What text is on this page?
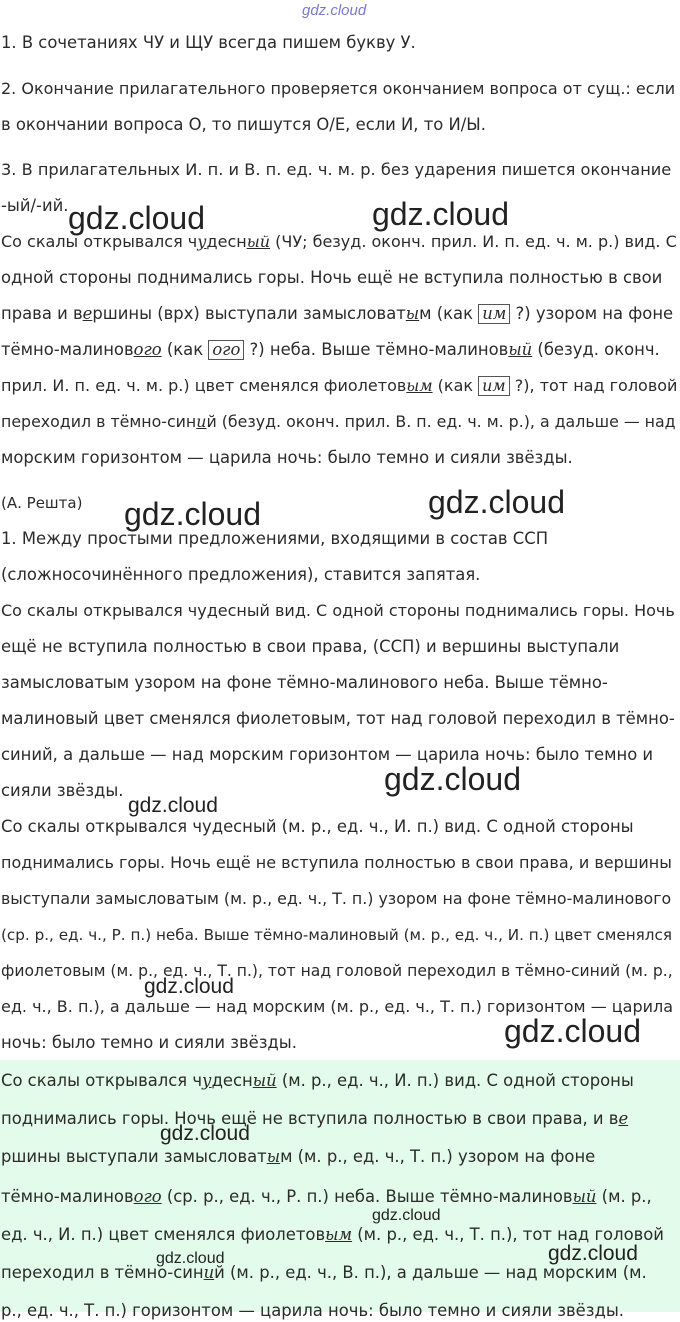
gdz.cloud
1. В сочетаниях ЧУ и ЩУ всегда пишем букву У.
2. Окончание прилагательного проверяется окончанием вопроса от сущ.: если
в окончании вопроса О, то пишутся О/Е, если И, то И/Ы.
3. В прилагательных И. п. и В. п. ед. ч. м. р. без ударения пишется окончание
-ый/-ий.
Со скалы открывался чудесный (ЧУ; безуд. оконч. прил. И. п. ед. ч. м. р.) вид. С
одной стороны поднимались горы. Ночь ещё не вступила полностью в свои
права и вершины (врх) выступали замысловатым (как им ?) узором на фоне
тёмно-малинового (как ого ?) неба. Выше тёмно-малиновый (безуд. оконч.
прил. И. п. ед. ч. м. р.) цвет сменялся фиолетовым (как им ?), тот над головой
переходил в тёмно-синий (безуд. оконч. прил. В. п. ед. ч. м. р.), а дальше — над
морским горизонтом — царила ночь: было темно и сияли звёзды.
(А. Решта)
1. Между простыми предложениями, входящими в состав ССП
(сложносочинённого предложения), ставится запятая.
Со скалы открывался чудесный вид. С одной стороны поднимались горы. Ночь
ещё не вступила полностью в свои права, (ССП) и вершины выступали
замысловатым узором на фоне тёмно-малинового неба. Выше тёмно-
малиновый цвет сменялся фиолетовым, тот над головой переходил в тёмно-
синий, а дальше — над морским горизонтом — царила ночь: было темно и
сияли звёзды.
Со скалы открывался чудесный (м. р., ед. ч., И. п.) вид. С одной стороны
поднимались горы. Ночь ещё не вступила полностью в свои права, и вершины
выступали замысловатым (м. р., ед. ч., Т. п.) узором на фоне тёмно-малинового
(ср. р., ед. ч., Р. п.) неба. Выше тёмно-малиновый (м. р., ед. ч., И. п.) цвет сменялся
фиолетовым (м. р., ед. ч., Т. п.), тот над головой переходил в тёмно-синий (м. р.,
ед. ч., В. п.), а дальше — над морским (м. р., ед. ч., Т. п.) горизонтом — царила
ночь: было темно и сияли звёзды.
Со скалы открывался чудесный (м. р., ед. ч., И. п.) вид. С одной стороны
поднимались горы. Ночь ещё не вступила полностью в свои права, и ве
ршины выступали замысловатым (м. р., ед. ч., Т. п.) узором на фоне
тёмно-малинового (ср. р., ед. ч., Р. п.) неба. Выше тёмно-малиновый (м. р.,
ед. ч., И. п.) цвет сменялся фиолетовым (м. р., ед. ч., Т. п.), тот над головой
переходил в тёмно-синий (м. р., ед. ч., В. п.), а дальше — над морским (м.
р., ед. ч., Т. п.) горизонтом — царила ночь: было темно и сияли звёзды.
gdz.cloud	gdz.cloud
gdz.cloud	gdz.cloud
gdz.cloud
gdz.cloud
gdz.cloud
gdz.cloud
gdz.cloud
gdz.cloud
gdz.cloud
gdz.cloud
